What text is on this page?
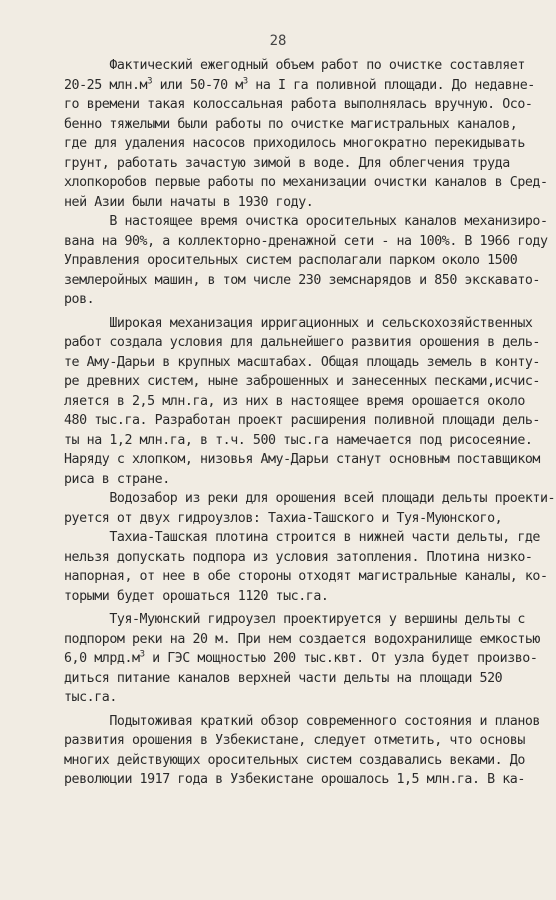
28
Фактический ежегодный объем работ по очистке составляет
20-25 $млн.м^3$ или 50-70 $м^3$ на I га поливной площади. До недавне-
го времени такая колоссальная работа выполнялась вручную. Осо-
бенно тяжелыми были работы по очистке магистральных каналов,
где для удаления насосов приходилось многократно перекидывать
грунт, работать зачастую зимой в воде. Для облегчения труда
хлопкоробов первые работы по механизации очистки каналов в Сред-
ней Азии были начаты в 1930 году.
В настоящее время очистка оросительных каналов механизиро-
вана на 90%, а коллекторно-дренажной сети - на 100%. В 1966 году
Управления оросительных систем располагали парком около 1500
землеройных машин, в том числе 230 земснарядов и 850 экскавато-
ров.
Широкая механизация ирригационных и сельскохозяйственных
работ создала условия для дальнейшего развития орошения в дель-
те Аму-Дарьи в крупных масштабах. Общая площадь земель в конту-
ре древних систем, ныне заброшенных и занесенных песками,исчис-
ляется в 2,5 млн.га, из них в настоящее время орошается около
480 тыс.га. Разработан проект расширения поливной площади дель-
ты на 1,2 млн.га, в т.ч. 500 тыс.га намечается под рисосеяние.
Наряду с хлопком, низовья Аму-Дарьи станут основным поставщиком
риса в стране.
Водозабор из реки для орошения всей площади дельты проекти-
руется от двух гидроузлов: Тахиа-Ташского и Туя-Муюнского,
Тахиа-Ташская плотина строится в нижней части дельты, где
нельзя допускать подпора из условия затопления. Плотина низко-
напорная, от нее в обе стороны отходят магистральные каналы, ко-
торыми будет орошаться 1120 тыс.га.
Туя-Муюнский гидроузел проектируется у вершины дельты с
подпором реки на 20 м. При нем создается водохранилище емкостью
6,0 $млрд.м^3$ и ГЭС мощностью 200 тыс.квт. От узла будет произво-
диться питание каналов верхней части дельты на площади 520
тыс.га.
Подытоживая краткий обзор современного состояния и планов
развития орошения в Узбекистане, следует отметить, что основы
многих действующих оросительных систем создавались веками. До
революции 1917 года в Узбекистане орошалось 1,5 млн.га. В ка-
